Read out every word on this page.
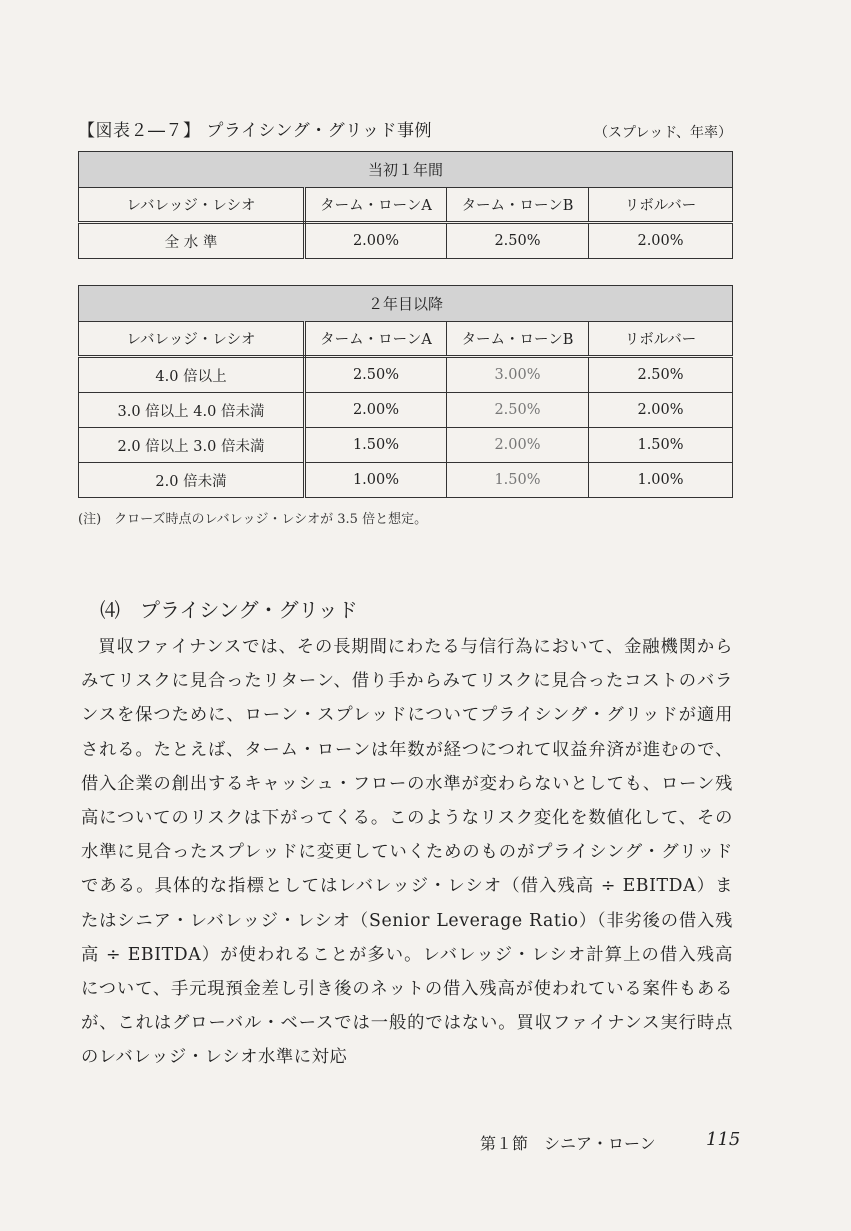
【図表２―７】 プライシング・グリッド事例	（スプレッド、年率）
当初１年間			
レバレッジ・レシオ	ターム・ローンA	ターム・ローンB	リボルバー
全 水 準	2.00%	2.50%	2.00%
２年目以降			
レバレッジ・レシオ	ターム・ローンA	ターム・ローンB	リボルバー
4.0 倍以上	2.50%	3.00%	2.50%
3.0 倍以上 4.0 倍未満	2.00%	2.50%	2.00%
2.0 倍以上 3.0 倍未満	1.50%	2.00%	1.50%
2.0 倍未満	1.00%	1.50%	1.00%
(注)　クローズ時点のレバレッジ・レシオが 3.5 倍と想定。
⑷　プライシング・グリッド

買収ファイナンスでは、その長期間にわたる与信行為において、金融機関からみてリスクに見合ったリターン、借り手からみてリスクに見合ったコストのバランスを保つために、ローン・スプレッドについてプライシング・グリッドが適用される。たとえば、ターム・ローンは年数が経つにつれて収益弁済が進むので、借入企業の創出するキャッシュ・フローの水準が変わらないとしても、ローン残高についてのリスクは下がってくる。このようなリスク変化を数値化して、その水準に見合ったスプレッドに変更していくためのものがプライシング・グリッドである。具体的な指標としてはレバレッジ・レシオ（借入残高 ÷ EBITDA）またはシニア・レバレッジ・レシオ（Senior Leverage Ratio）（非劣後の借入残高 ÷ EBITDA）が使われることが多い。レバレッジ・レシオ計算上の借入残高について、手元現預金差し引き後のネットの借入残高が使われている案件もあるが、これはグローバル・ベースでは一般的ではない。買収ファイナンス実行時点のレバレッジ・レシオ水準に対応

第１節　シニア・ローン	115
